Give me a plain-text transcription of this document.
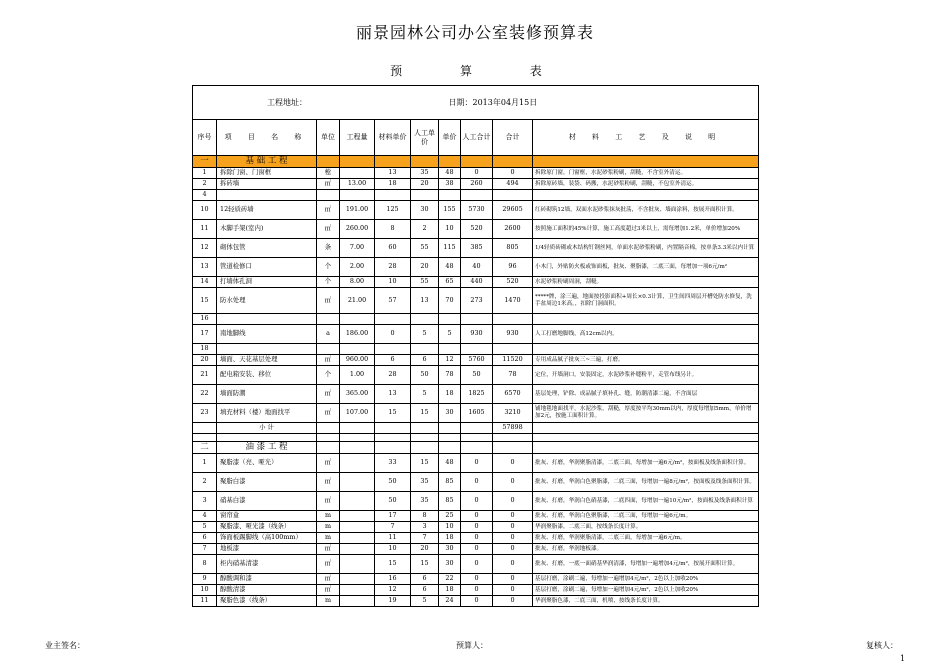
丽景园林公司办公室装修预算表
预 算 表
工程地址：						日期：2013年04月15日			
序号	项 目 名 称	单位	工程量	材料单价	人工单价	单价	人工合计	合计	材 料 工 艺 及 说 明
一	基 础 工 程								
1	拆除门窗、门窗框	樘		13	35	48	0	0	拆除原门窗，门窗框，水泥砂浆粉刷，刮糙，不含室外清运。
2	拆砖墙	㎡	13.00	18	20	38	260	494	拆除原砖墙，装袋、码搬，水泥砂浆粉刷，刮糙，不包室外清运。
4									
10	12轻质砖墙	㎡	191.00	125	30	155	5730	29605	红砖砌筑12墙，双面水泥砂浆抹灰批荡，不含批灰、墙面涂料，按展开面积计算。
11	木脚手架(室内)	㎡	260.00	8	2	10	520	2600	按照施工面积的45%计算，施工高度超过3米以上，需每增加1.2米，单价增加20%
12	砌体包管	条	7.00	60	55	115	385	805	1/4轻质砖砌或木结构钉钢丝网，单面水泥砂浆粉刷，内置隔音棉，按单条3.3米以内计算
13	管道检修口	个	2.00	28	20	48	40	96	小木门，外贴防火板或饰面板，批灰、聚脂漆，二底三面，每增加一项6元/m²
14	打墙体孔洞	个	8.00	10	55	65	440	520	水泥砂浆粉刷周洞，刮糙。
15	防水处理	㎡	21.00	57	13	70	273	1470	*****牌，涂三遍，地面按投影面积+周长×0.3计算，卫生间四周层开槽处防水修复，洗手盆周边1米高。，扣除门洞面积。
16									
17	南地脚线	a	186.00	0	5	5	930	930	人工打磨地脚线，高12cm以内。
18									
20	墙面、天花基层处理	㎡	960.00	6	6	12	5760	11520	专用成品腻子批灰三~三遍，打磨。
21	配电箱安装、移位	个	1.00	28	50	78	50	78	定位，开墙洞口，安装固定，水泥砂浆补缝粉平，走管布线另计。
22	墙面防潮	㎡	365.00	13	5	18	1825	6570	基层处理，铲除、成品腻子填补孔、缝，防潮清漆二遍，不含面层
23	填充材料（楼）地面找平	㎡	107.00	15	15	30	1605	3210	铺地毯地面找平，水泥沙浆，刮糙，厚度按平均30mm以内，厚度每增加5mm，单价增加2元，按施工面积计算。
	小 计							57898	

二	油 漆 工 程								
1	聚脂漆（亮、哑光）	㎡		33	15	48	0	0	批灰、打磨，华润聚脂清漆，二底三面，每增加一遍6元/m²，按面板及线条面积计算。
2	聚脂白漆	㎡		50	35	85	0	0	批灰、打磨，华润白色聚脂漆，二底三面，每增加一遍8元/m²，按面板及线条面积计算。
3	硝基白漆	㎡		50	35	85	0	0	批灰、打磨，华润白色硝基漆，二底四面，每增加一遍10元/m²，按面板及线条面积计算
4	窗帘盒	m		17	8	25	0	0	批灰、打磨，华润白色聚脂漆，二底三面，每增加一遍6元/m。
5	聚脂漆、哑光漆（线条）	m		7	3	10	0	0	华润聚脂漆，二底三面，按线条长度计算。
6	饰面板踢脚线（高100mm）	m		11	7	18	0	0	批灰、打磨，华润聚脂清漆，二底三面，每增加一遍6元/m。
7	地板漆	㎡		10	20	30	0	0	批灰、打磨，华润地板漆。
8	柜内硝基清漆	㎡		15	15	30	0	0	批灰、打磨，一底一面硝基华润清漆，每增加一遍增加4元/m²，按展开面积计算。
9	醇酸调和漆	㎡		16	6	22	0	0	基层打磨，涂刷二遍，每增加一遍增加4元/m²，2色以上加收20%
10	醇酸清漆	㎡		12	6	18	0	0	基层打磨，涂刷二遍，每增加一遍增加4元/m²，2色以上加收20%
11	聚脂色漆（线条）	m		19	5	24	0	0	华润聚脂色漆，二底三面，机喷，按线条长度计算。
业主签名：	预算人：	复核人：
1
